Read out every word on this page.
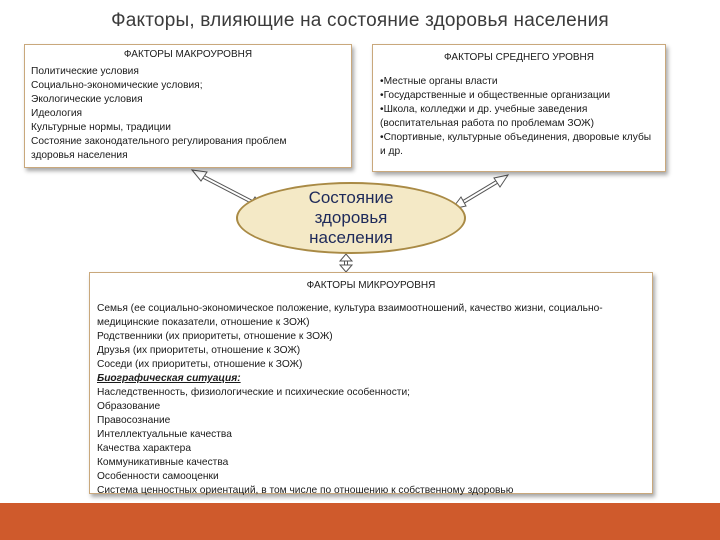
Факторы, влияющие на состояние здоровья населения
ФАКТОРЫ МАКРОУРОВНЯ
Политические условия
Социально-экономические условия;
Экологические условия
Идеология
Культурные нормы, традиции
Состояние законодательного регулирования проблем
здоровья населения
ФАКТОРЫ СРЕДНЕГО УРОВНЯ
•Местные органы власти
•Государственные и общественные организации
•Школа, колледжи и др. учебные заведения (воспитательная работа по проблемам ЗОЖ)
•Спортивные, культурные объединения, дворовые клубы и др.
Состояние здоровья населения
ФАКТОРЫ МИКРОУРОВНЯ
Семья (ее социально-экономическое положение, культура взаимоотношений, качество жизни, социально-медицинские показатели, отношение к ЗОЖ)
Родственники (их приоритеты, отношение к ЗОЖ)
Друзья (их приоритеты, отношение к ЗОЖ)
Соседи (их приоритеты, отношение к ЗОЖ)
Биографическая ситуация:
Наследственность, физиологические и психические особенности;
Образование
Правосознание
Интеллектуальные качества
Качества характера
Коммуникативные качества
Особенности самооценки
Система ценностных ориентаций, в том числе по отношению к собственному здоровью
